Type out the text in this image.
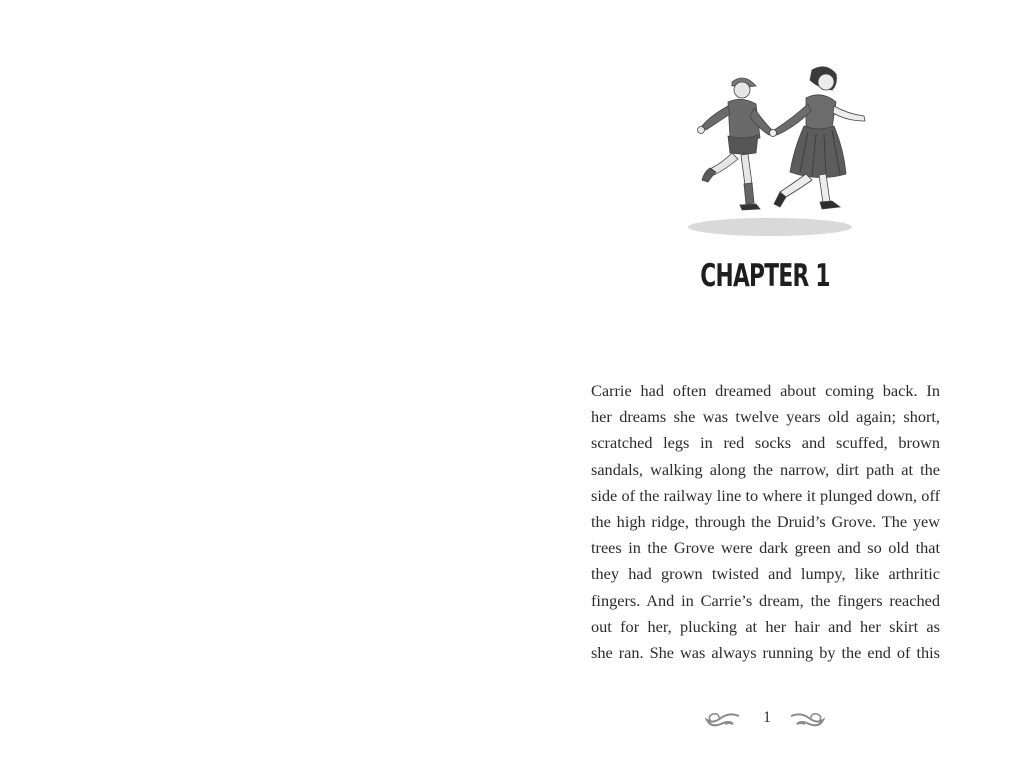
CHAPTER 1
Carrie had often dreamed about coming back. In
her dreams she was twelve years old again; short,
scratched legs in red socks and scuffed, brown
sandals, walking along the narrow, dirt path at the
side of the railway line to where it plunged down, off
the high ridge, through the Druid’s Grove. The yew
trees in the Grove were dark green and so old that
they had grown twisted and lumpy, like arthritic
fingers. And in Carrie’s dream, the fingers reached
out for her, plucking at her hair and her skirt as
she ran. She was always running by the end of this
1
